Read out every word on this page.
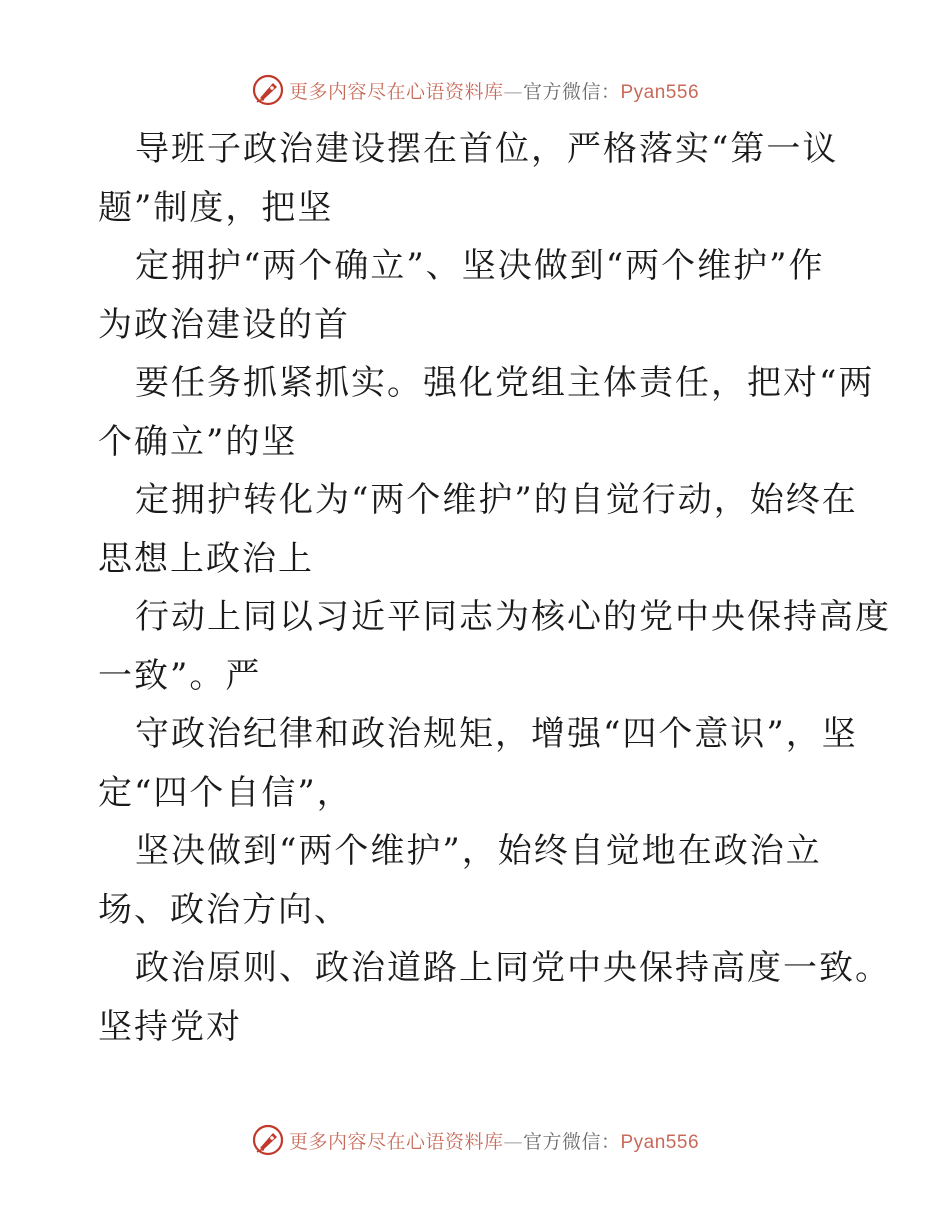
更多内容尽在心语资料库—官方微信：Pyan556
导班子政治建设摆在首位，严格落实“第一议
题”制度，把坚
定拥护“两个确立”、坚决做到“两个维护”作
为政治建设的首
要任务抓紧抓实。强化党组主体责任，把对“两
个确立”的坚
定拥护转化为“两个维护”的自觉行动，始终在
思想上政治上
行动上同以习近平同志为核心的党中央保持高度
一致”。严
守政治纪律和政治规矩，增强“四个意识”，坚
定“四个自信”，
坚决做到“两个维护”，始终自觉地在政治立
场、政治方向、
政治原则、政治道路上同党中央保持高度一致。
坚持党对
更多内容尽在心语资料库—官方微信：Pyan556
